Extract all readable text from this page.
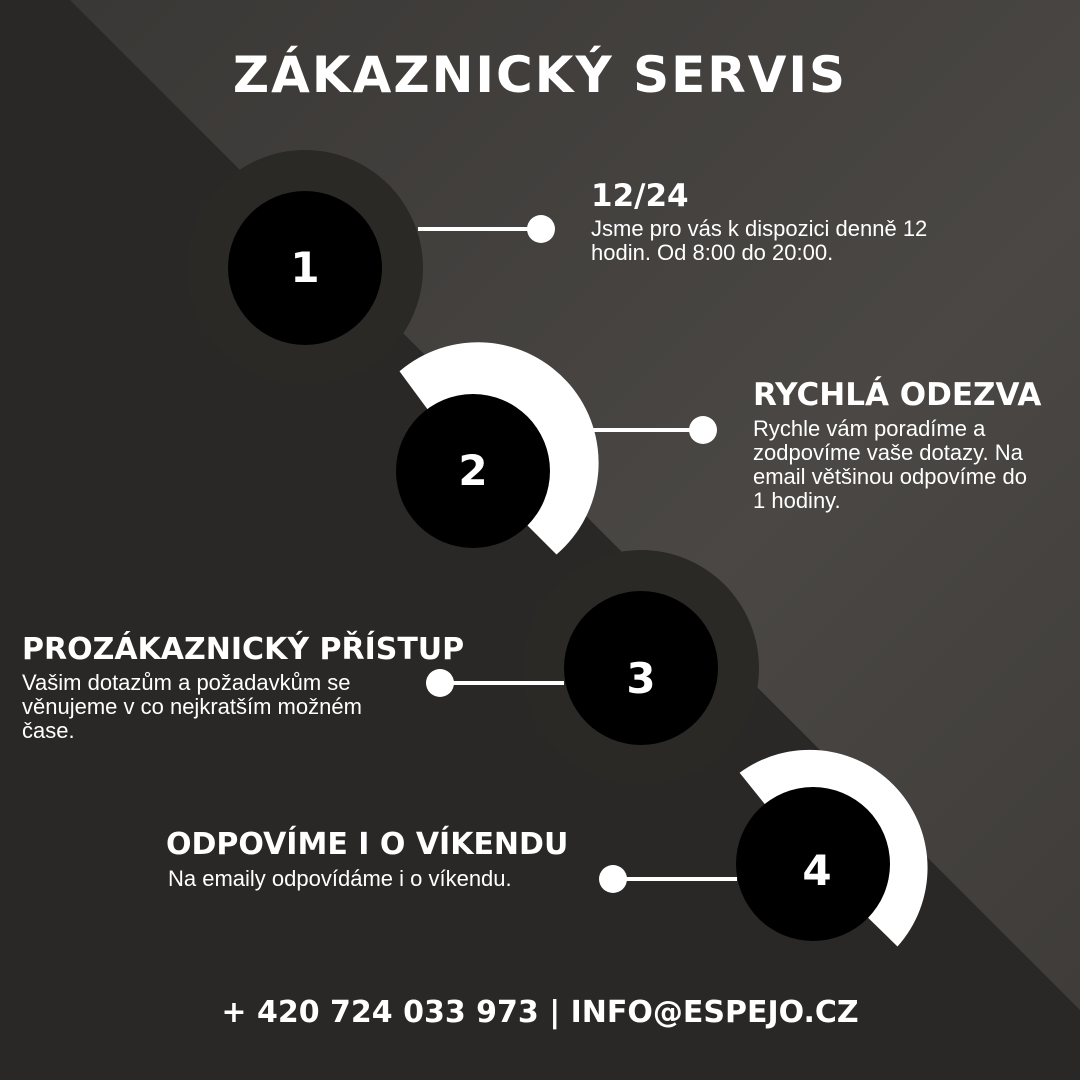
ZÁKAZNICKÝ SERVIS
1
2
3
4
12/24

Jsme pro vás k dispozici denně 12 hodin. Od 8:00 do 20:00.

RYCHLÁ ODEZVA

Rychle vám poradíme a zodpovíme vaše dotazy. Na email většinou odpovíme do 1 hodiny.

PROZÁKAZNICKÝ PŘÍSTUP

Vašim dotazům a požadavkům se věnujeme v co nejkratším možném čase.

ODPOVÍME I O VÍKENDU

Na emaily odpovídáme i o víkendu.

+ 420 724 033 973 | INFO@ESPEJO.CZ
